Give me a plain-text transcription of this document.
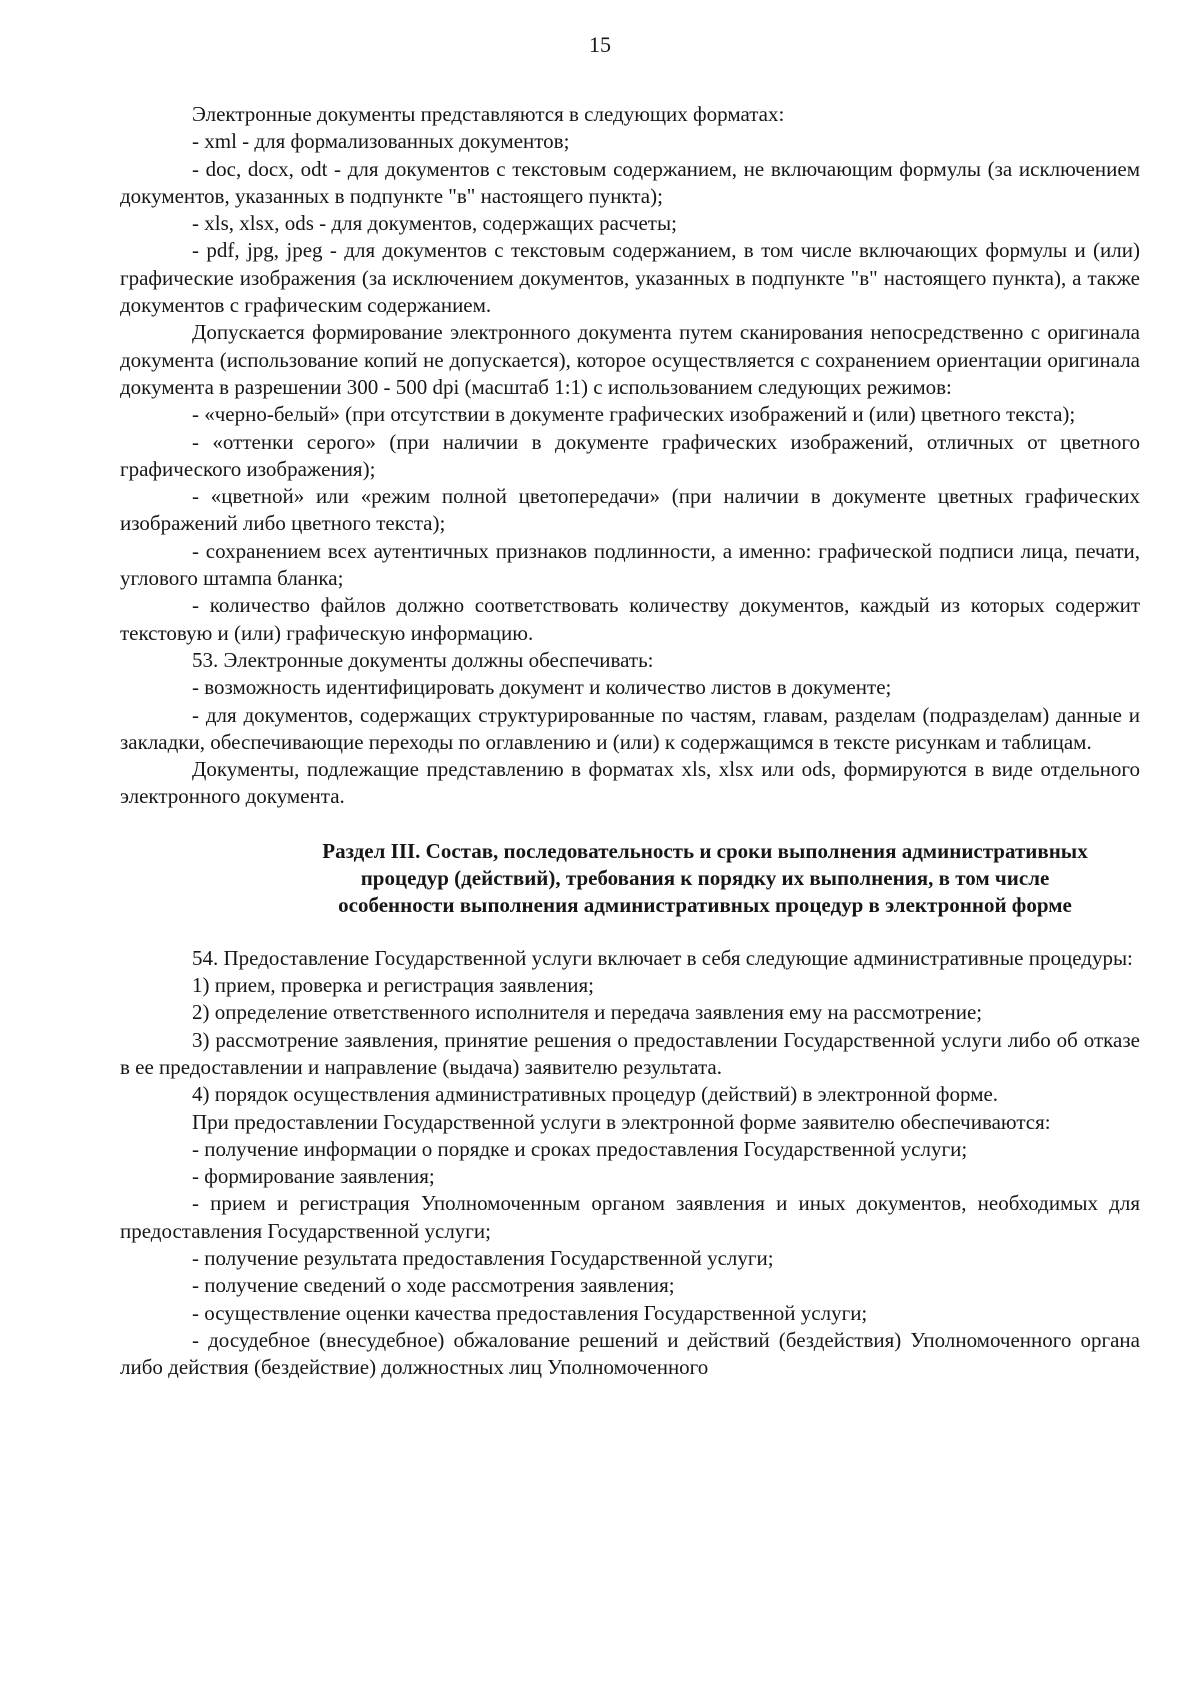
15

Электронные документы представляются в следующих форматах:

- xml - для формализованных документов;

- doc, docx, odt - для документов с текстовым содержанием, не включающим формулы (за исключением документов, указанных в подпункте "в" настоящего пункта);

- xls, xlsx, ods - для документов, содержащих расчеты;

- pdf, jpg, jpeg - для документов с текстовым содержанием, в том числе включающих формулы и (или) графические изображения (за исключением документов, указанных в подпункте "в" настоящего пункта), а также документов с графическим содержанием.

Допускается формирование электронного документа путем сканирования непосредственно с оригинала документа (использование копий не допускается), которое осуществляется с сохранением ориентации оригинала документа в разрешении 300 - 500 dpi (масштаб 1:1) с использованием следующих режимов:

- «черно-белый» (при отсутствии в документе графических изображений и (или) цветного текста);

- «оттенки серого» (при наличии в документе графических изображений, отличных от цветного графического изображения);

- «цветной» или «режим полной цветопередачи» (при наличии в документе цветных графических изображений либо цветного текста);

- сохранением всех аутентичных признаков подлинности, а именно: графической подписи лица, печати, углового штампа бланка;

- количество файлов должно соответствовать количеству документов, каждый из которых содержит текстовую и (или) графическую информацию.

53. Электронные документы должны обеспечивать:

- возможность идентифицировать документ и количество листов в документе;

- для документов, содержащих структурированные по частям, главам, разделам (подразделам) данные и закладки, обеспечивающие переходы по оглавлению и (или) к содержащимся в тексте рисункам и таблицам.

Документы, подлежащие представлению в форматах xls, xlsx или ods, формируются в виде отдельного электронного документа.

Раздел III. Состав, последовательность и сроки выполнения административных
процедур (действий), требования к порядку их выполнения, в том числе
особенности выполнения административных процедур в электронной форме

54. Предоставление Государственной услуги включает в себя следующие административные процедуры:

1) прием, проверка и регистрация заявления;

2) определение ответственного исполнителя и передача заявления ему на рассмотрение;

3) рассмотрение заявления, принятие решения о предоставлении Государственной услуги либо об отказе в ее предоставлении и направление (выдача) заявителю результата.

4) порядок осуществления административных процедур (действий) в электронной форме.

При предоставлении Государственной услуги в электронной форме заявителю обеспечиваются:

- получение информации о порядке и сроках предоставления Государственной услуги;

- формирование заявления;

- прием и регистрация Уполномоченным органом заявления и иных документов, необходимых для предоставления Государственной услуги;

- получение результата предоставления Государственной услуги;

- получение сведений о ходе рассмотрения заявления;

- осуществление оценки качества предоставления Государственной услуги;

- досудебное (внесудебное) обжалование решений и действий (бездействия) Уполномоченного органа либо действия (бездействие) должностных лиц Уполномоченного
